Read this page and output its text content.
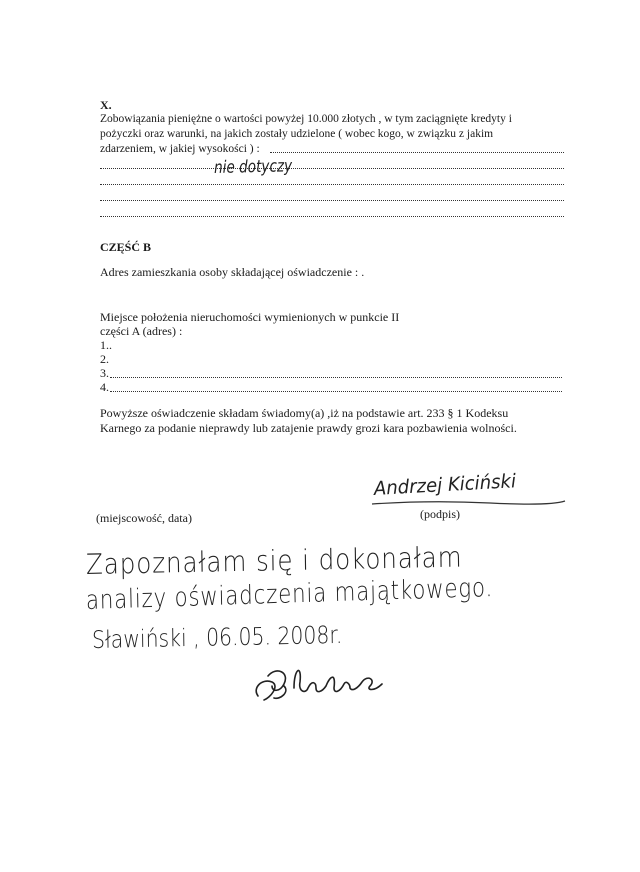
X.
Zobowiązania pieniężne o wartości powyżej 10.000 złotych , w tym zaciągnięte kredyty i
pożyczki oraz warunki, na jakich zostały udzielone ( wobec kogo, w związku z jakim
zdarzeniem, w jakiej wysokości ) :
nie dotyczy
CZĘŚĆ B
Adres zamieszkania osoby składającej oświadczenie : .
Miejsce położenia nieruchomości wymienionych w punkcie II
części A (adres) :
1..
2.
3.
4.
Powyższe oświadczenie składam świadomy(a) ,iż na podstawie art. 233 § 1 Kodeksu
Karnego za podanie nieprawdy lub zatajenie prawdy grozi kara pozbawienia wolności.
Andrzej Kiciński
(miejscowość, data)	(podpis)
Zapoznałam się i dokonałam
analizy oświadczenia majątkowego.
Sławiński , 06.05. 2008r.
